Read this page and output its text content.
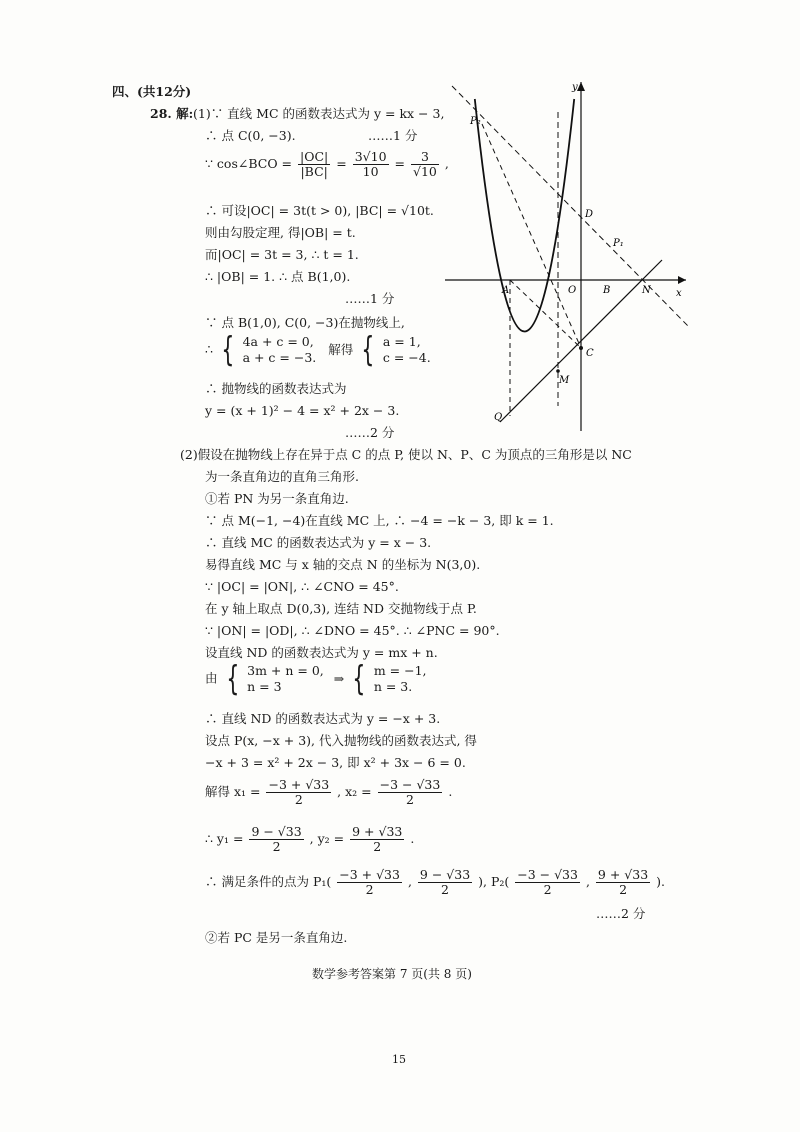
四、(共12分)
28. 解: (1)∵ 直线 MC 的函数表达式为 y = kx − 3,
∴ 点 C(0, −3).	……1 分
∵ cos∠BCO = $\frac{|OC|}{|BC|} = \frac{3√10}{10} = \frac{3}{√10}$ ,
∴ 可设|OC| = 3t(t > 0), |BC| = √10t.
则由勾股定理, 得|OB| = t.
而|OC| = 3t = 3, ∴ t = 1.
∴ |OB| = 1. ∴ 点 B(1,0).
……1 分
∵ 点 B(1,0), C(0, −3)在抛物线上,
∴ { 4a + c = 0,
a + c = −3.
解得 { a = 1,
c = −4.
∴ 抛物线的函数表达式为
y = (x + 1)² − 4 = x² + 2x − 3.
……2 分
y
x
P₂
P₁
D
A	O	B	N
C
M
Q
(2)假设在抛物线上存在异于点 C 的点 P, 使以 N、P、C 为顶点的三角形是以 NC
为一条直角边的直角三角形.
①若 PN 为另一条直角边.
∵ 点 M(−1, −4)在直线 MC 上, ∴ −4 = −k − 3, 即 k = 1.
∴ 直线 MC 的函数表达式为 y = x − 3.
易得直线 MC 与 x 轴的交点 N 的坐标为 N(3,0).
∵ |OC| = |ON|, ∴ ∠CNO = 45°.
在 y 轴上取点 D(0,3), 连结 ND 交抛物线于点 P.
∵ |ON| = |OD|, ∴ ∠DNO = 45°. ∴ ∠PNC = 90°.
设直线 ND 的函数表达式为 y = mx + n.
由 { 3m + n = 0,
n = 3
⇒ { m = −1,
n = 3.
∴ 直线 ND 的函数表达式为 y = −x + 3.
设点 P(x, −x + 3), 代入抛物线的函数表达式, 得
−x + 3 = x² + 2x − 3, 即 x² + 3x − 6 = 0.
解得 $x_1 = \frac{-3 + √33}{2}$ , $x_2 = \frac{-3 - √33}{2}$ .
∴ $y_1 = \frac{9 - √33}{2}$ , $y_2 = \frac{9 + √33}{2}$ .
∴ 满足条件的点为 $P_1( \frac{-3 + √33}{2}$ , $\frac{9 - √33}{2}$ ), $P_2( \frac{-3 - √33}{2}$ , $\frac{9 + √33}{2}$ ).
……2 分
②若 PC 是另一条直角边.
数学参考答案第 7 页(共 8 页)
15
